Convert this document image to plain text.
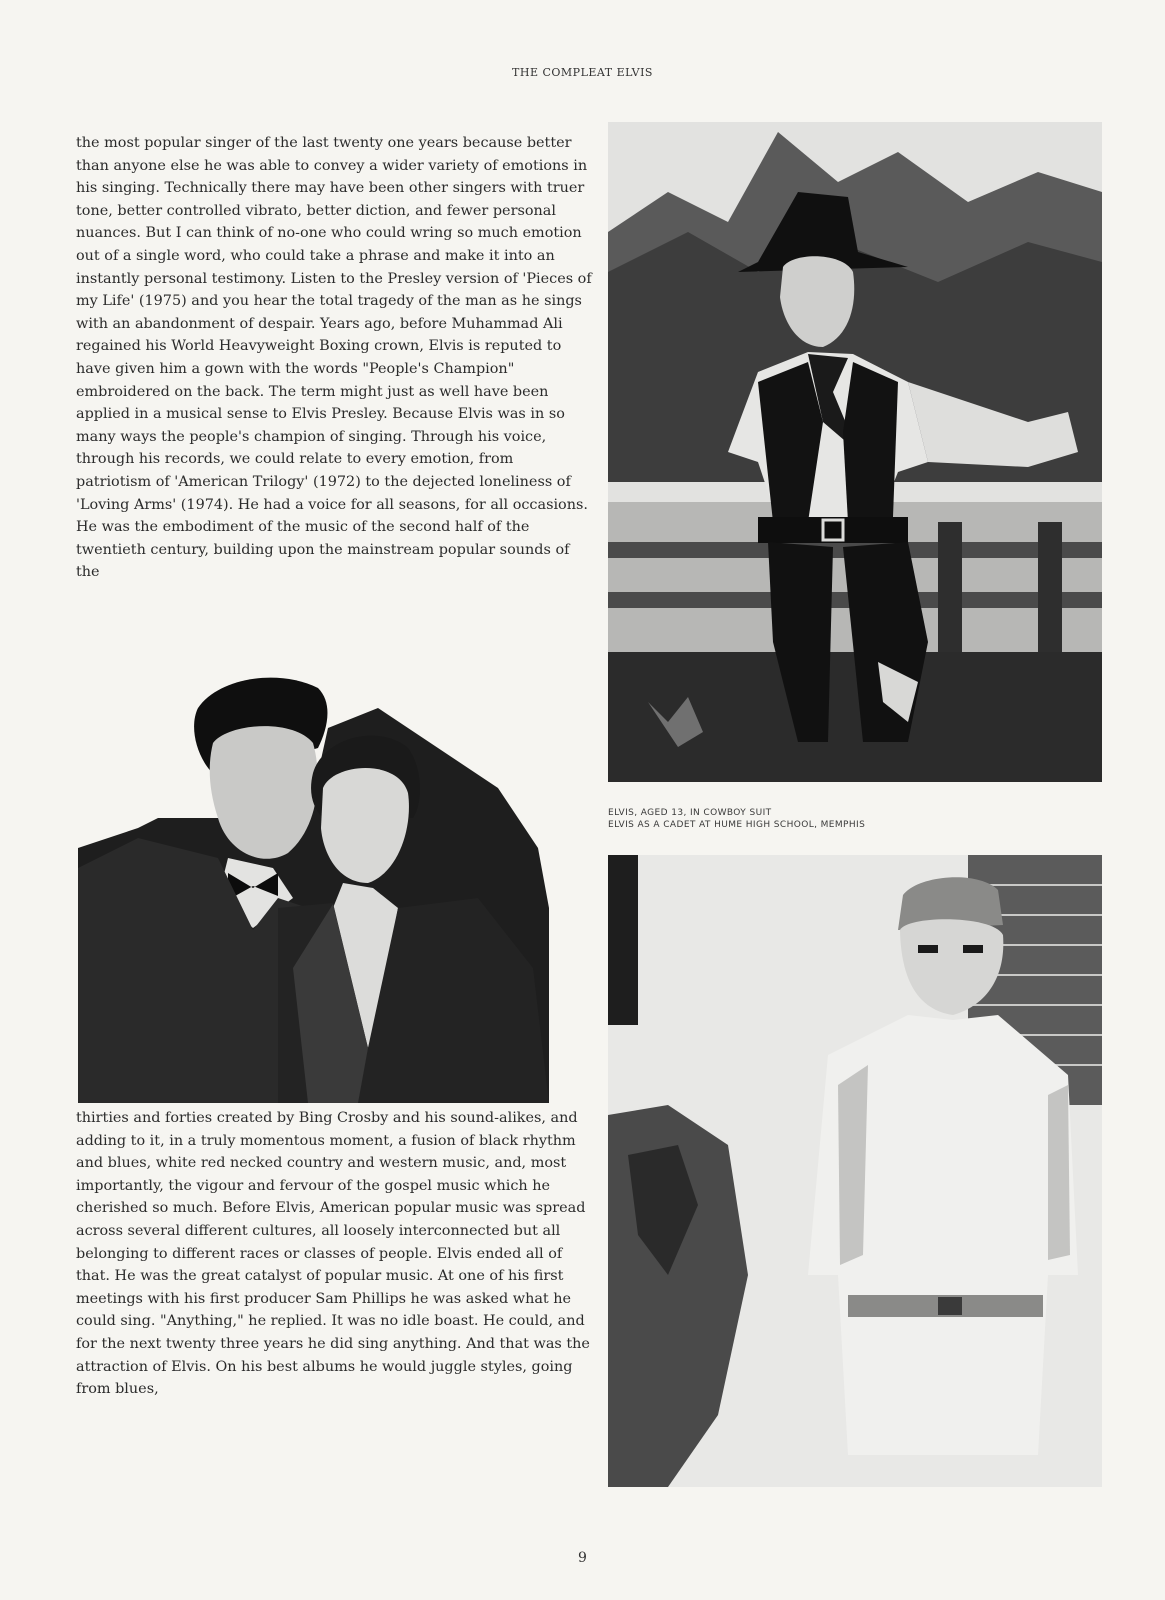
THE COMPLEAT ELVIS

the most popular singer of the last twenty one years because better than anyone else he was able to convey a wider variety of emotions in his singing. Technically there may have been other singers with truer tone, better controlled vibrato, better diction, and fewer personal nuances. But I can think of no-one who could wring so much emotion out of a single word, who could take a phrase and make it into an instantly personal testimony. Listen to the Presley version of 'Pieces of my Life' (1975) and you hear the total tragedy of the man as he sings with an abandonment of despair. Years ago, before Muhammad Ali regained his World Heavyweight Boxing crown, Elvis is reputed to have given him a gown with the words "People's Champion" embroidered on the back. The term might just as well have been applied in a musical sense to Elvis Presley. Because Elvis was in so many ways the people's champion of singing. Through his voice, through his records, we could relate to every emotion, from patriotism of 'American Trilogy' (1972) to the dejected loneliness of 'Loving Arms' (1974). He had a voice for all seasons, for all occasions. He was the embodiment of the music of the second half of the twentieth century, building upon the mainstream popular sounds of the

ELVIS, AGED 13, IN COWBOY SUIT
ELVIS AS A CADET AT HUME HIGH SCHOOL, MEMPHIS

thirties and forties created by Bing Crosby and his sound-alikes, and adding to it, in a truly momentous moment, a fusion of black rhythm and blues, white red necked country and western music, and, most importantly, the vigour and fervour of the gospel music which he cherished so much. Before Elvis, American popular music was spread across several different cultures, all loosely interconnected but all belonging to different races or classes of people. Elvis ended all of that. He was the great catalyst of popular music. At one of his first meetings with his first producer Sam Phillips he was asked what he could sing. "Anything," he replied. It was no idle boast. He could, and for the next twenty three years he did sing anything. And that was the attraction of Elvis. On his best albums he would juggle styles, going from blues,

9
